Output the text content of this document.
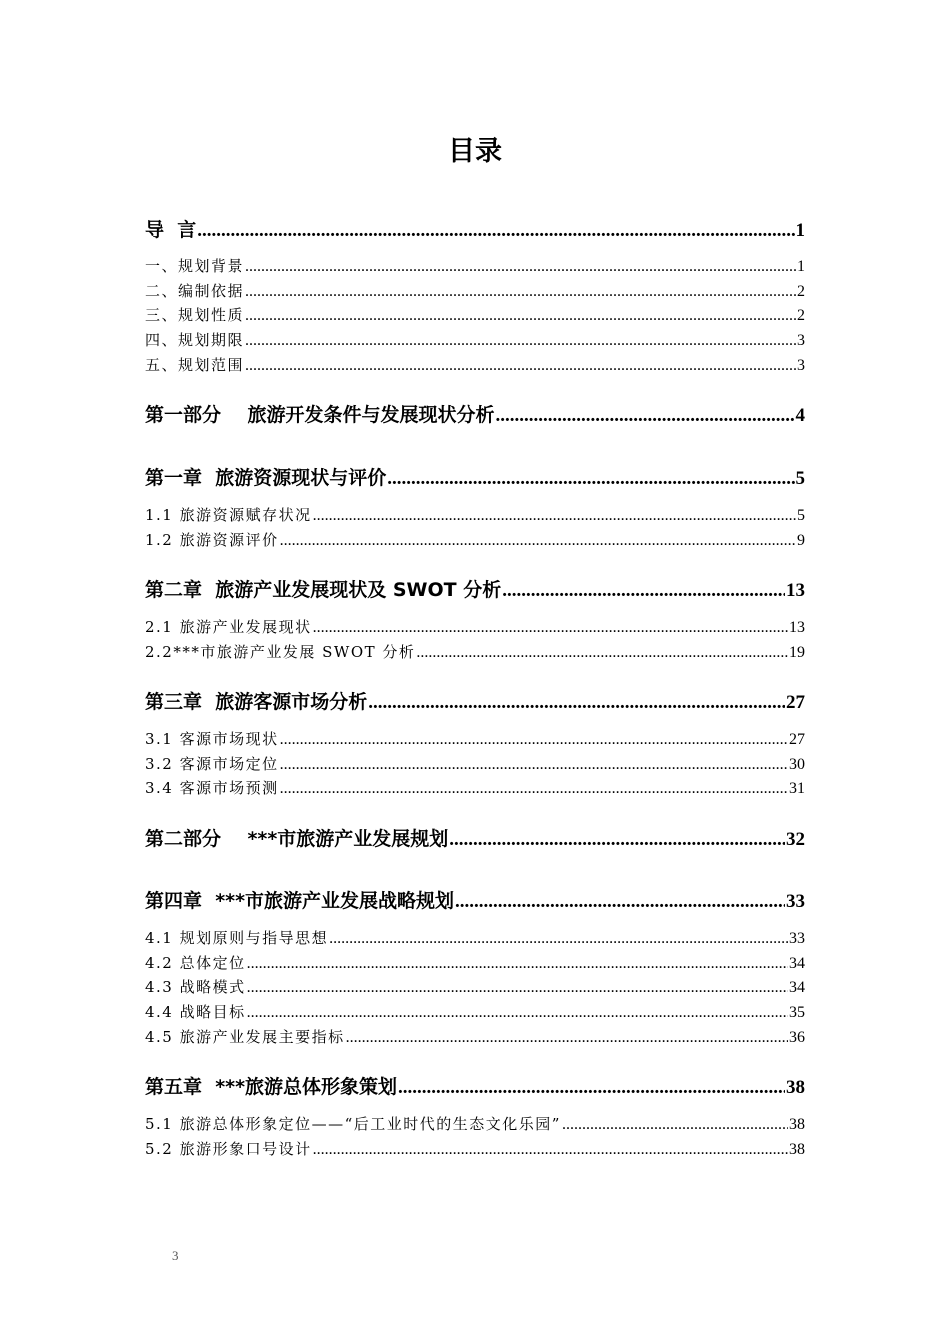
目录
导  言 .....	1
一、规划背景 .....	1
二、编制依据 .....	2
三、规划性质 .....	2
四、规划期限 .....	3
五、规划范围 .....	3
第一部分    旅游开发条件与发展现状分析 .....	4
第一章  旅游资源现状与评价 .....	5
1.1 旅游资源赋存状况 .....	5
1.2 旅游资源评价 .....	9
第二章  旅游产业发展现状及 SWOT 分析 .....	13
2.1 旅游产业发展现状 .....	13
2.2***市旅游产业发展 SWOT 分析 .....	19
第三章  旅游客源市场分析 .....	27
3.1 客源市场现状 .....	27
3.2 客源市场定位 .....	30
3.4 客源市场预测 .....	31
第二部分    ***市旅游产业发展规划 .....	32
第四章  ***市旅游产业发展战略规划 .....	33
4.1 规划原则与指导思想 .....	33
4.2 总体定位 .....	34
4.3 战略模式 .....	34
4.4 战略目标 .....	35
4.5 旅游产业发展主要指标 .....	36
第五章  ***旅游总体形象策划 .....	38
5.1 旅游总体形象定位——“后工业时代的生态文化乐园” .....	38
5.2 旅游形象口号设计 .....	38
3
